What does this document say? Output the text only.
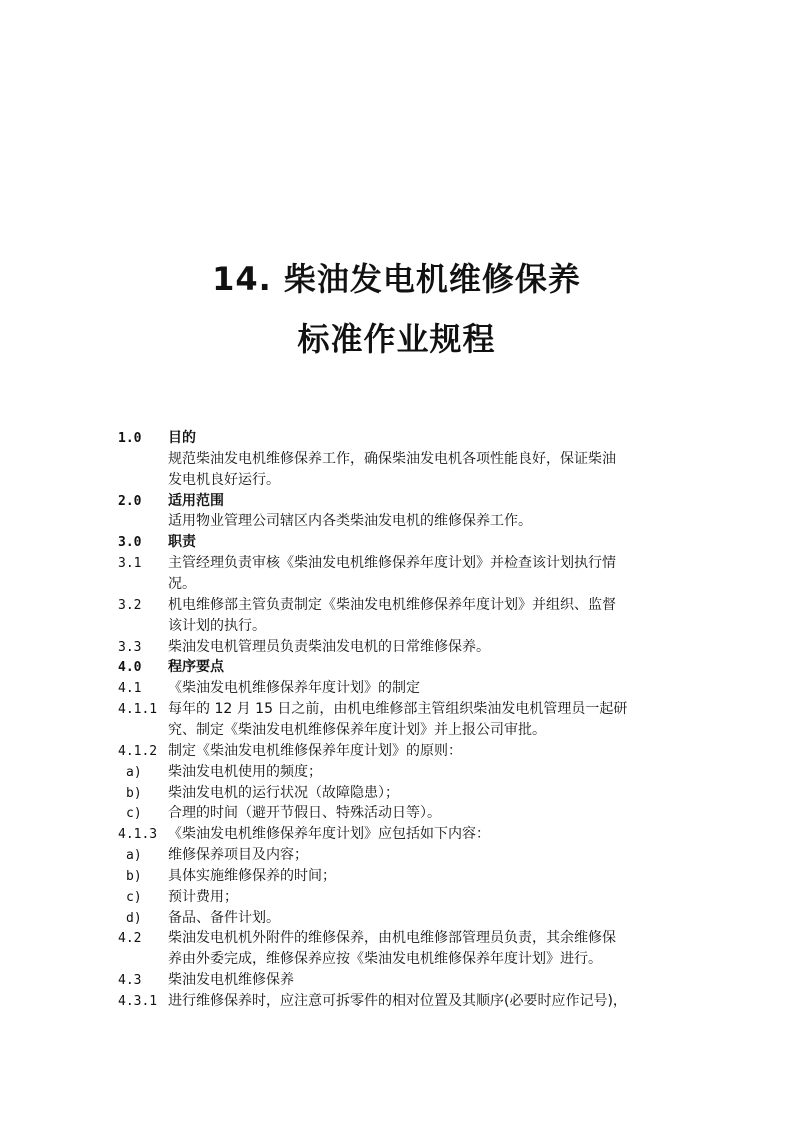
14. 柴油发电机维修保养
标准作业规程
1.0 目的
规范柴油发电机维修保养工作，确保柴油发电机各项性能良好，保证柴油
发电机良好运行。
2.0 适用范围
适用物业管理公司辖区内各类柴油发电机的维修保养工作。
3.0 职责
3.1 主管经理负责审核《柴油发电机维修保养年度计划》并检查该计划执行情
况。
3.2 机电维修部主管负责制定《柴油发电机维修保养年度计划》并组织、监督
该计划的执行。
3.3 柴油发电机管理员负责柴油发电机的日常维修保养。
4.0 程序要点
4.1 《柴油发电机维修保养年度计划》的制定
4.1.1 每年的 12 月 15 日之前，由机电维修部主管组织柴油发电机管理员一起研
究、制定《柴油发电机维修保养年度计划》并上报公司审批。
4.1.2 制定《柴油发电机维修保养年度计划》的原则：
a) 柴油发电机使用的频度；
b) 柴油发电机的运行状况（故障隐患）；
c) 合理的时间（避开节假日、特殊活动日等）。
4.1.3 《柴油发电机维修保养年度计划》应包括如下内容：
a) 维修保养项目及内容；
b) 具体实施维修保养的时间；
c) 预计费用；
d) 备品、备件计划。
4.2 柴油发电机机外附件的维修保养，由机电维修部管理员负责，其余维修保
养由外委完成，维修保养应按《柴油发电机维修保养年度计划》进行。
4.3 柴油发电机维修保养
4.3.1 进行维修保养时，应注意可拆零件的相对位置及其顺序(必要时应作记号)，
